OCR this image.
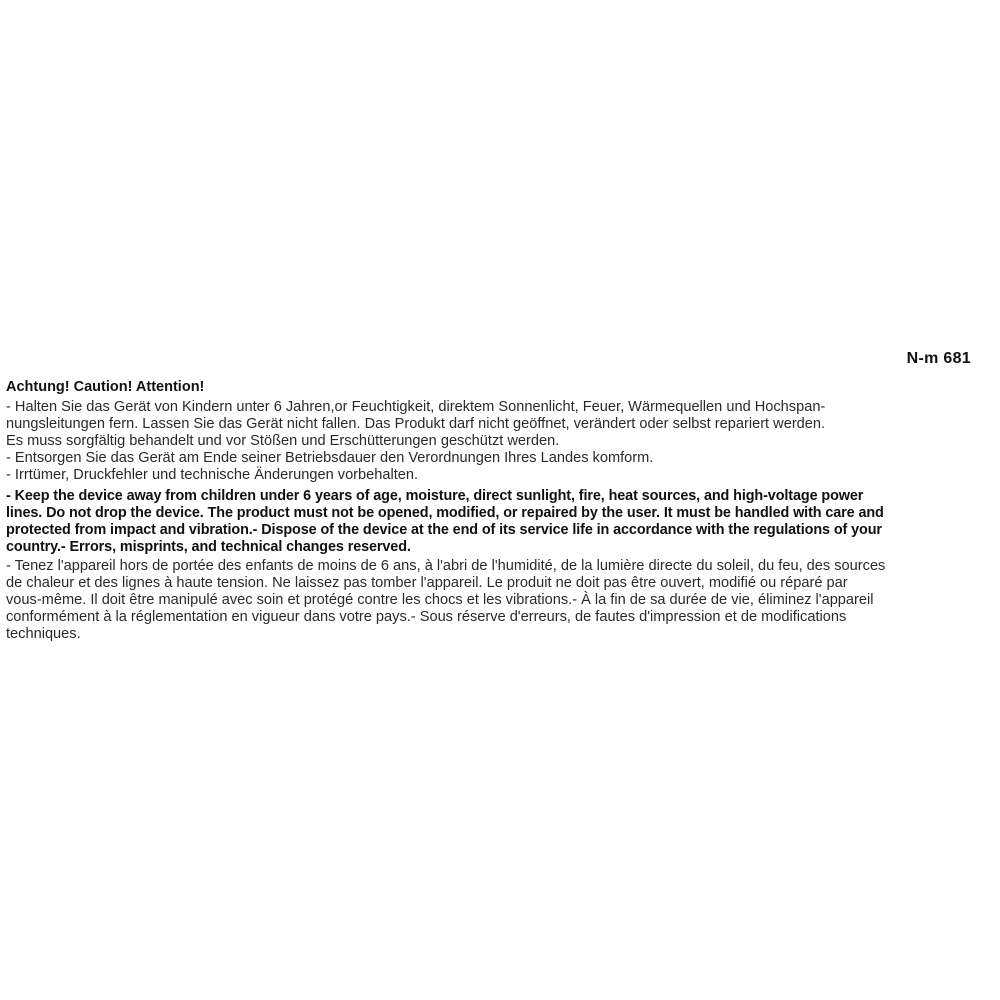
N-m 681
Achtung! Caution! Attention!
- Halten Sie das Gerät von Kindern unter 6 Jahren,or Feuchtigkeit, direktem Sonnenlicht, Feuer, Wärmequellen und Hochspan-
nungsleitungen fern. Lassen Sie das Gerät nicht fallen. Das Produkt darf nicht geöffnet, verändert oder selbst repariert werden.
Es muss sorgfältig behandelt und vor Stößen und Erschütterungen geschützt werden.
- Entsorgen Sie das Gerät am Ende seiner Betriebsdauer den Verordnungen Ihres Landes komform.
- Irrtümer, Druckfehler und technische Änderungen vorbehalten.
- Keep the device away from children under 6 years of age, moisture, direct sunlight, fire, heat sources, and high-voltage power
lines. Do not drop the device. The product must not be opened, modified, or repaired by the user. It must be handled with care and
protected from impact and vibration.- Dispose of the device at the end of its service life in accordance with the regulations of your
country.- Errors, misprints, and technical changes reserved.
- Tenez l'appareil hors de portée des enfants de moins de 6 ans, à l'abri de l'humidité, de la lumière directe du soleil, du feu, des sources
de chaleur et des lignes à haute tension. Ne laissez pas tomber l'appareil. Le produit ne doit pas être ouvert, modifié ou réparé par
vous-même. Il doit être manipulé avec soin et protégé contre les chocs et les vibrations.- À la fin de sa durée de vie, éliminez l'appareil
conformément à la réglementation en vigueur dans votre pays.- Sous réserve d'erreurs, de fautes d'impression et de modifications
techniques.
